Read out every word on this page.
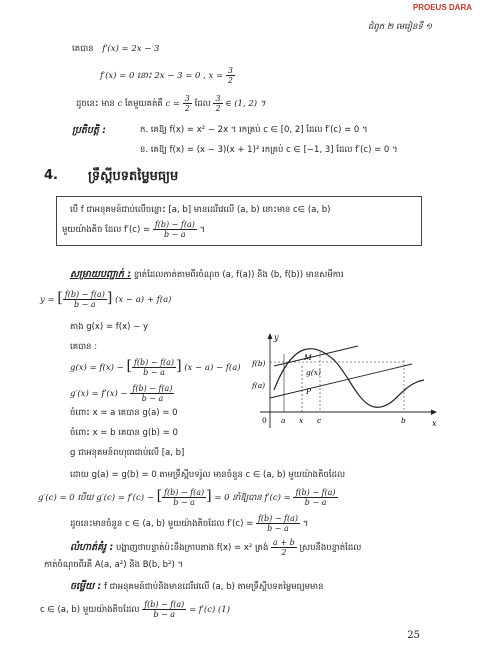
PROEUS DARA
ជំពូក ២ មេរៀនទី ១
គេបាន f′(x) = 2x − 3
f′(x) = 0 នោះ 2x − 3 = 0 , $x = \frac{3}{2}$
ដូចនេះ មាន c តែមួយគត់គឺ $c = \frac{3}{2}$ ដែល $\frac{3}{2}$ ∈ (1, 2) ។
ប្រតិបត្តិ :	ក. គេឱ្យ f(x) = x² − 2x ។ រកគ្រប់ c ∈ [0, 2] ដែល f′(c) = 0 ។
ខ. គេឱ្យ f(x) = (x − 3)(x + 1)² រកគ្រប់ c ∈ [−1, 3] ដែល f′(c) = 0 ។
4. ទ្រឹស្តីបទតម្លៃមធ្យម
បើ f ជាអនុគមន៍ជាប់លើចន្លោះ [a, b] មានដេរីវេលើ (a, b) នោះមាន c∈ (a, b)
មួយយ៉ាងតិច ដែល $f'(c) = \frac{f(b) - f(a)}{b - a}$ ។
សម្រាយបញ្ជាក់ : ខ្ទាត់ដែលកាត់តាមពីរចំណុច (a, f(a)) និង (b, f(b)) មានសមីការ
y = [ $\frac{f(b) - f(a)}{b - a}$ ] (x − a) + f(a)
តាង g(x) = f(x) − y
គេបាន :
g(x) = f(x) − [ $\frac{f(b) - f(a)}{b - a}$ ] (x − a) − f(a)
$g'(x) = f'(x) - \frac{f(b) - f(a)}{b - a}$
ចំពោះ x = a គេបាន g(a) = 0
ចំពោះ x = b គេបាន g(b) = 0
g ជាអនុគមន៍ពហុធាជាប់លើ [a, b]
y
x
f(b)
f(a)
M
g(x)
P
0 a x c	b
ដោយ g(a) = g(b) = 0 តាមទ្រឹស្តីបទរ៉ូល មានចំនួន c ∈ (a, b) មួយយ៉ាងតិចដែល
g′(c) = 0 បើយ g′(c) = f′(c) − [ $\frac{f(b) - f(a)}{b - a}$ ] = 0 នាំឱ្យបាន $f'(c) = \frac{f(b) - f(a)}{b - a}$
ដូចនេះមានចំនួន c ∈ (a, b) មួយយ៉ាងតិចដែល $f'(c) = \frac{f(b) - f(a)}{b - a}$ ។
លំហាត់គំរូ : បង្ហាញថាបន្ទាត់ប៉ះនឹងក្រាបតាង f(x) = x² ត្រង់ $\frac{a + b}{2}$ ស្របនឹងបន្ទាត់ដែល
កាត់ចំណុចពីរគឺ A(a, a²) និង B(b, b²) ។
ចម្លើយ : f ជាអនុគមន៍ជាប់និងមានដេរីវេលើ (a, b) តាមទ្រឹស្តីបទតម្លៃមធ្យមមាន
c ∈ (a, b) មួយយ៉ាងតិចដែល $\frac{f(b) - f(a)}{b - a} = f'(c)$ (1)
25
